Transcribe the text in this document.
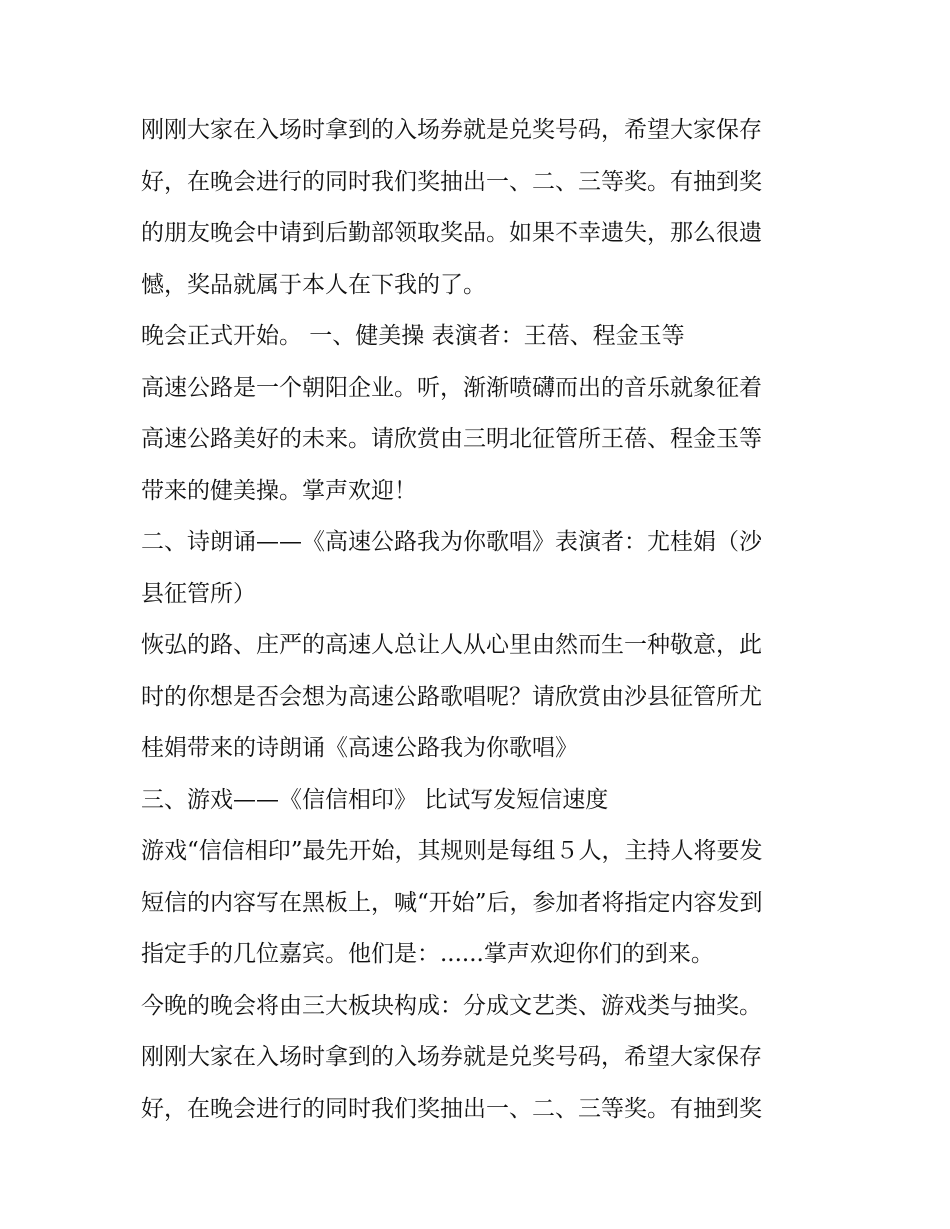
刚刚大家在入场时拿到的入场券就是兑奖号码，希望大家保存
好，在晚会进行的同时我们奖抽出一、二、三等奖。有抽到奖
的朋友晚会中请到后勤部领取奖品。如果不幸遗失，那么很遗
憾，奖品就属于本人在下我的了。
晚会正式开始。 一、健美操 表演者：王蓓、程金玉等
高速公路是一个朝阳企业。听，渐渐喷礴而出的音乐就象征着
高速公路美好的未来。请欣赏由三明北征管所王蓓、程金玉等
带来的健美操。掌声欢迎！
二、诗朗诵——《高速公路我为你歌唱》表演者：尤桂娟（沙
县征管所）
恢弘的路、庄严的高速人总让人从心里由然而生一种敬意，此
时的你想是否会想为高速公路歌唱呢？请欣赏由沙县征管所尤
桂娟带来的诗朗诵《高速公路我为你歌唱》
三、游戏——《信信相印》 比试写发短信速度
游戏“信信相印”最先开始，其规则是每组５人，主持人将要发
短信的内容写在黑板上，喊“开始”后，参加者将指定内容发到
指定手的几位嘉宾。他们是：......掌声欢迎你们的到来。
今晚的晚会将由三大板块构成：分成文艺类、游戏类与抽奖。
刚刚大家在入场时拿到的入场券就是兑奖号码，希望大家保存
好，在晚会进行的同时我们奖抽出一、二、三等奖。有抽到奖
